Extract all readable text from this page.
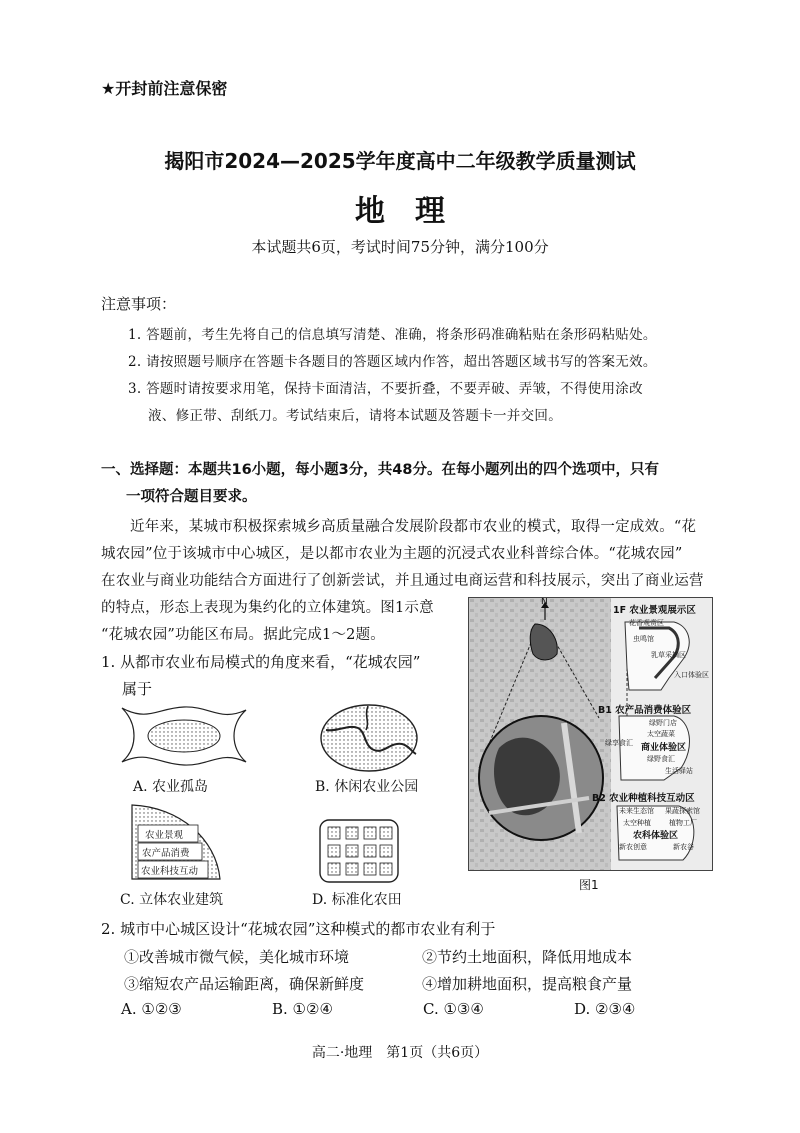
★开封前注意保密
揭阳市2024—2025学年度高中二年级教学质量测试
地　理
本试题共6页，考试时间75分钟，满分100分
注意事项：
1. 答题前，考生先将自己的信息填写清楚、准确，将条形码准确粘贴在条形码粘贴处。
2. 请按照题号顺序在答题卡各题目的答题区域内作答，超出答题区域书写的答案无效。
3. 答题时请按要求用笔，保持卡面清洁，不要折叠，不要弄破、弄皱，不得使用涂改
液、修正带、刮纸刀。考试结束后，请将本试题及答题卡一并交回。
一、选择题：本题共16小题，每小题3分，共48分。在每小题列出的四个选项中，只有
一项符合题目要求。
近年来，某城市积极探索城乡高质量融合发展阶段都市农业的模式，取得一定成效。“花
城农园”位于该城市中心城区，是以都市农业为主题的沉浸式农业科普综合体。“花城农园”
在农业与商业功能结合方面进行了创新尝试，并且通过电商运营和科技展示，突出了商业运营
的特点，形态上表现为集约化的立体建筑。图1示意
“花城农园”功能区布局。据此完成1～2题。
1. 从都市农业布局模式的角度来看，“花城农园”
属于
A. 农业孤岛	B. 休闲农业公园
农业景观
农产品消费
农业科技互动
C. 立体农业建筑	D. 标准化农田
N
1F 农业景观展示区
花香观赏区
虫鸣馆
乳草采摘区
入口体验区
B1 农产品消费体验区
绿野门店
太空蔬菜
绿享食汇 商业体验区
绿野食汇
生活驿站
B2 农业种植科技互动区
未来生态馆 果蔬探索馆
植物工厂
太空种植
农科体验区
新农创意	新农谷
图1
2. 城市中心城区设计“花城农园”这种模式的都市农业有利于
①改善城市微气候，美化城市环境	②节约土地面积，降低用地成本
③缩短农产品运输距离，确保新鲜度	④增加耕地面积，提高粮食产量
A. ①②③	B. ①②④	C. ①③④	D. ②③④
高二·地理　第1页（共6页）
